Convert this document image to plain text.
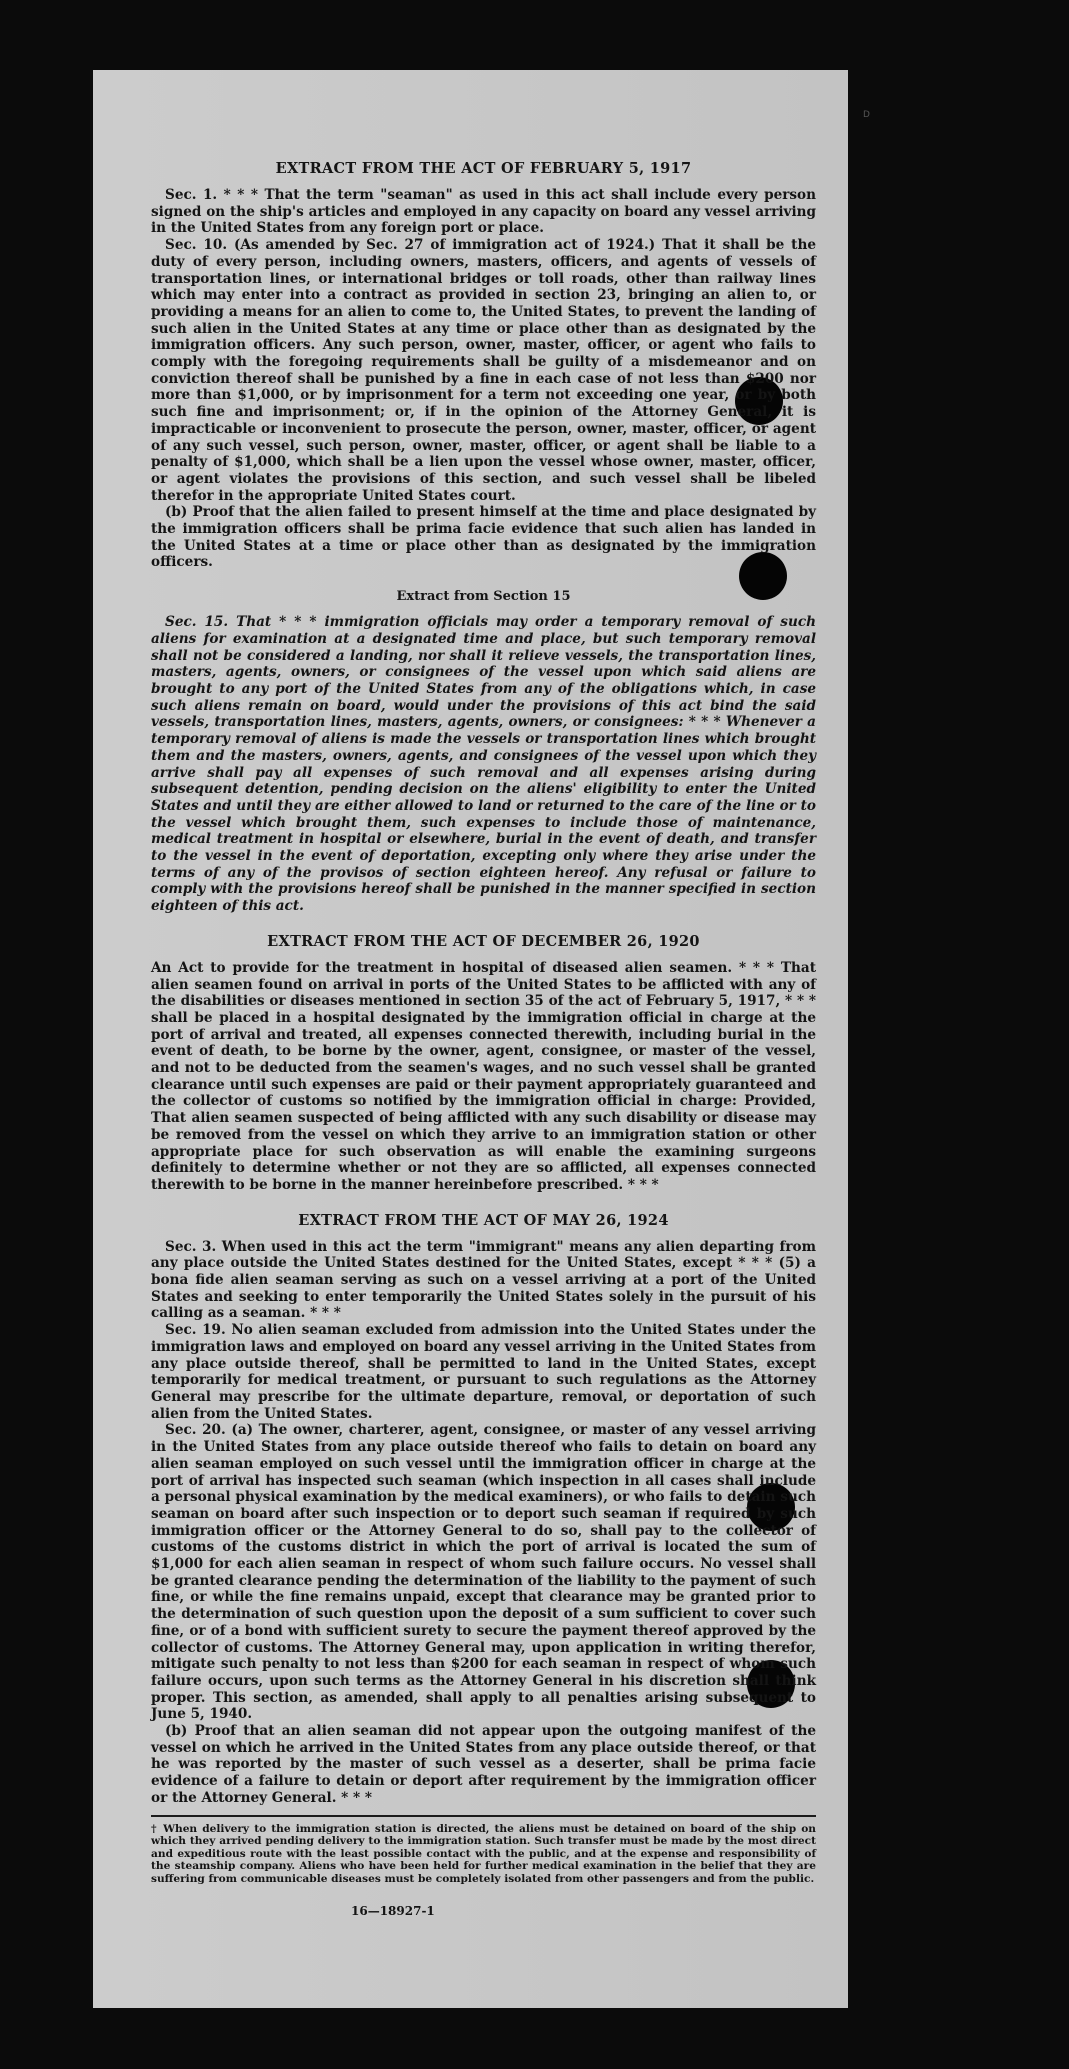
D
EXTRACT FROM THE ACT OF FEBRUARY 5, 1917

Sec. 1. * * * That the term "seaman" as used in this act shall include every person signed on the ship's articles and employed in any capacity on board any vessel arriving in the United States from any foreign port or place.

Sec. 10. (As amended by Sec. 27 of immigration act of 1924.) That it shall be the duty of every person, including owners, masters, officers, and agents of vessels of transportation lines, or international bridges or toll roads, other than railway lines which may enter into a contract as provided in section 23, bringing an alien to, or providing a means for an alien to come to, the United States, to prevent the landing of such alien in the United States at any time or place other than as designated by the immigration officers. Any such person, owner, master, officer, or agent who fails to comply with the foregoing requirements shall be guilty of a misdemeanor and on conviction thereof shall be punished by a fine in each case of not less than $200 nor more than $1,000, or by imprisonment for a term not exceeding one year, or by both such fine and imprisonment; or, if in the opinion of the Attorney General, it is impracticable or inconvenient to prosecute the person, owner, master, officer, or agent of any such vessel, such person, owner, master, officer, or agent shall be liable to a penalty of $1,000, which shall be a lien upon the vessel whose owner, master, officer, or agent violates the provisions of this section, and such vessel shall be libeled therefor in the appropriate United States court.

(b) Proof that the alien failed to present himself at the time and place designated by the immigration officers shall be prima facie evidence that such alien has landed in the United States at a time or place other than as designated by the immigration officers.

Extract from Section 15

Sec. 15. That * * * immigration officials may order a temporary removal of such aliens for examination at a designated time and place, but such temporary removal shall not be considered a landing, nor shall it relieve vessels, the transportation lines, masters, agents, owners, or consignees of the vessel upon which said aliens are brought to any port of the United States from any of the obligations which, in case such aliens remain on board, would under the provisions of this act bind the said vessels, transportation lines, masters, agents, owners, or consignees: * * * Whenever a temporary removal of aliens is made the vessels or transportation lines which brought them and the masters, owners, agents, and consignees of the vessel upon which they arrive shall pay all expenses of such removal and all expenses arising during subsequent detention, pending decision on the aliens' eligibility to enter the United States and until they are either allowed to land or returned to the care of the line or to the vessel which brought them, such expenses to include those of maintenance, medical treatment in hospital or elsewhere, burial in the event of death, and transfer to the vessel in the event of deportation, excepting only where they arise under the terms of any of the provisos of section eighteen hereof. Any refusal or failure to comply with the provisions hereof shall be punished in the manner specified in section eighteen of this act.

EXTRACT FROM THE ACT OF DECEMBER 26, 1920

An Act to provide for the treatment in hospital of diseased alien seamen. * * * That alien seamen found on arrival in ports of the United States to be afflicted with any of the disabilities or diseases mentioned in section 35 of the act of February 5, 1917, * * * shall be placed in a hospital designated by the immigration official in charge at the port of arrival and treated, all expenses connected therewith, including burial in the event of death, to be borne by the owner, agent, consignee, or master of the vessel, and not to be deducted from the seamen's wages, and no such vessel shall be granted clearance until such expenses are paid or their payment appropriately guaranteed and the collector of customs so notified by the immigration official in charge: Provided, That alien seamen suspected of being afflicted with any such disability or disease may be removed from the vessel on which they arrive to an immigration station or other appropriate place for such observation as will enable the examining surgeons definitely to determine whether or not they are so afflicted, all expenses connected therewith to be borne in the manner hereinbefore prescribed. * * *

EXTRACT FROM THE ACT OF MAY 26, 1924

Sec. 3. When used in this act the term "immigrant" means any alien departing from any place outside the United States destined for the United States, except * * * (5) a bona fide alien seaman serving as such on a vessel arriving at a port of the United States and seeking to enter temporarily the United States solely in the pursuit of his calling as a seaman. * * *

Sec. 19. No alien seaman excluded from admission into the United States under the immigration laws and employed on board any vessel arriving in the United States from any place outside thereof, shall be permitted to land in the United States, except temporarily for medical treatment, or pursuant to such regulations as the Attorney General may prescribe for the ultimate departure, removal, or deportation of such alien from the United States.

Sec. 20. (a) The owner, charterer, agent, consignee, or master of any vessel arriving in the United States from any place outside thereof who fails to detain on board any alien seaman employed on such vessel until the immigration officer in charge at the port of arrival has inspected such seaman (which inspection in all cases shall include a personal physical examination by the medical examiners), or who fails to detain such seaman on board after such inspection or to deport such seaman if required by such immigration officer or the Attorney General to do so, shall pay to the collector of customs of the customs district in which the port of arrival is located the sum of $1,000 for each alien seaman in respect of whom such failure occurs. No vessel shall be granted clearance pending the determination of the liability to the payment of such fine, or while the fine remains unpaid, except that clearance may be granted prior to the determination of such question upon the deposit of a sum sufficient to cover such fine, or of a bond with sufficient surety to secure the payment thereof approved by the collector of customs. The Attorney General may, upon application in writing therefor, mitigate such penalty to not less than $200 for each seaman in respect of whom such failure occurs, upon such terms as the Attorney General in his discretion shall think proper. This section, as amended, shall apply to all penalties arising subsequent to June 5, 1940.

(b) Proof that an alien seaman did not appear upon the outgoing manifest of the vessel on which he arrived in the United States from any place outside thereof, or that he was reported by the master of such vessel as a deserter, shall be prima facie evidence of a failure to detain or deport after requirement by the immigration officer or the Attorney General. * * *

† When delivery to the immigration station is directed, the aliens must be detained on board of the ship on which they arrived pending delivery to the immigration station. Such transfer must be made by the most direct and expeditious route with the least possible contact with the public, and at the expense and responsibility of the steamship company. Aliens who have been held for further medical examination in the belief that they are suffering from communicable diseases must be completely isolated from other passengers and from the public.

16—18927-1
